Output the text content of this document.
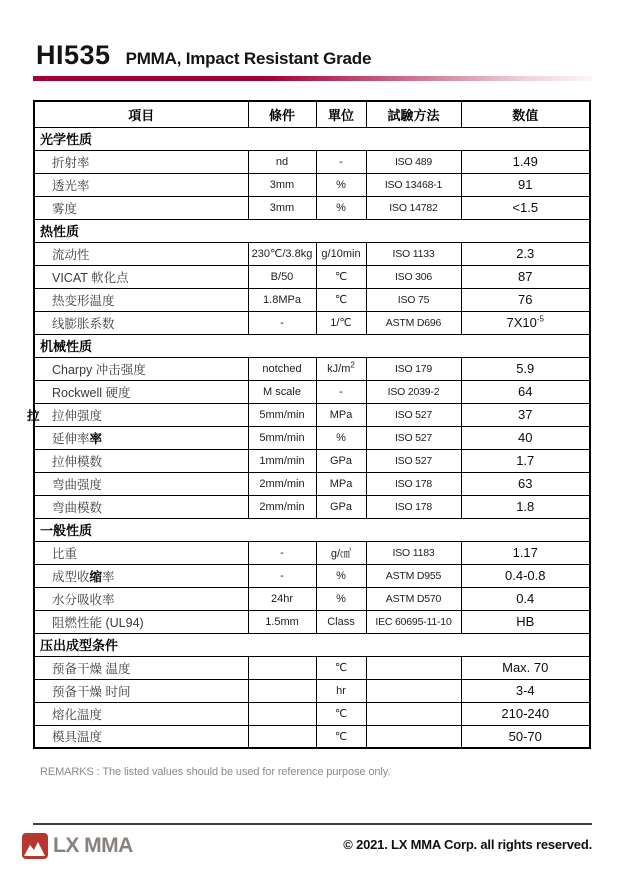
HI535 PMMA, Impact Resistant Grade
項目	條件	單位	試驗方法	数值
光学性质				
折射率	nd	-	ISO 489	1.49
透光率	3mm	%	ISO 13468-1	91
雾度	3mm	%	ISO 14782	<1.5
热性质				
流动性	230℃/3.8kg	g/10min	ISO 1133	2.3
VICAT 軟化点	B/50	℃	ISO 306	87
热变形温度	1.8MPa	℃	ISO 75	76
线膨胀系数	-	1/℃	ASTM D696	$7X10^{-5}$
机械性质				
Charpy 冲击强度	notched	$kJ/m^2$	ISO 179	5.9
Rockwell 硬度	M scale	-	ISO 2039-2	64

拉 拉伸强度	5mm/min	MPa	ISO 527	37
延伸率率	5mm/min	%	ISO 527	40
拉伸模数	1mm/min	GPa	ISO 527	1.7
弯曲强度	2mm/min	MPa	ISO 178	63
弯曲模数	2mm/min	GPa	ISO 178	1.8
一般性质				
比重	-	g/㎤	ISO 1183	1.17
成型收缩率	-	%	ASTM D955	0.4-0.8
水分吸收率	24hr	%	ASTM D570	0.4
阻燃性能 (UL94)	1.5mm	Class	IEC 60695-11-10	HB
压出成型条件				
预备干燥 温度		℃		Max. 70
预备干燥 时间		hr		3-4
熔化温度		℃		210-240
模具温度		℃		50-70
REMARKS : The listed values should be used for reference purpose only.
LX MMA	© 2021. LX MMA Corp. all rights reserved.
